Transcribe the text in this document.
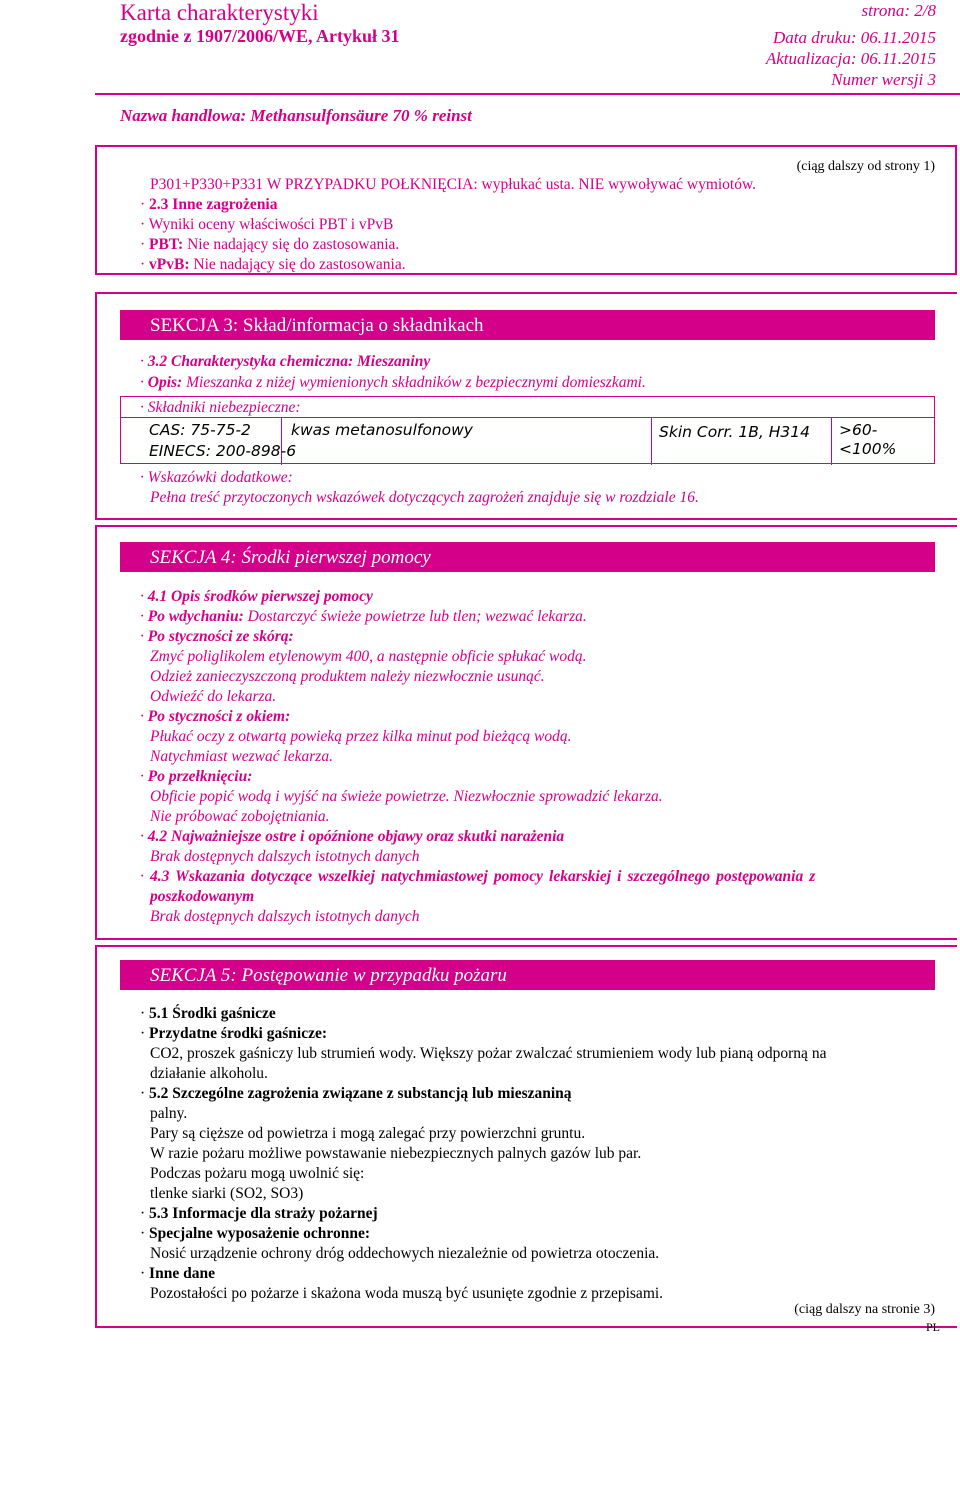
Karta charakterystyki
zgodnie z 1907/2006/WE, Artykuł 31
strona: 2/8
Data druku: 06.11.2015
Aktualizacja: 06.11.2015
Numer wersji 3
Nazwa handlowa: Methansulfonsäure 70 % reinst
(ciąg dalszy od strony 1)
P301+P330+P331 W PRZYPADKU POŁKNIĘCIA: wypłukać usta. NIE wywoływać wymiotów.
· 2.3 Inne zagrożenia
· Wyniki oceny właściwości PBT i vPvB
· PBT: Nie nadający się do zastosowania.
· vPvB: Nie nadający się do zastosowania.
SEKCJA 3: Skład/informacja o składnikach
· 3.2 Charakterystyka chemiczna: Mieszaniny
· Opis: Mieszanka z niżej wymienionych składników z bezpiecznymi domieszkami.
· Składniki niebezpieczne:
CAS: 75-75-2
EINECS: 200-898-6
kwas metanosulfonowy	Skin Corr. 1B, H314 >60-<100%
· Wskazówki dodatkowe:
Pełna treść przytoczonych wskazówek dotyczących zagrożeń znajduje się w rozdziale 16.
SEKCJA 4: Środki pierwszej pomocy
· 4.1 Opis środków pierwszej pomocy
· Po wdychaniu: Dostarczyć świeże powietrze lub tlen; wezwać lekarza.
· Po styczności ze skórą:
Zmyć poliglikolem etylenowym 400, a następnie obficie spłukać wodą.
Odzież zanieczyszczoną produktem należy niezwłocznie usunąć.
Odwieźć do lekarza.
· Po styczności z okiem:
Płukać oczy z otwartą powieką przez kilka minut pod bieżącą wodą.
Natychmiast wezwać lekarza.
· Po przełknięciu:
Obficie popić wodą i wyjść na świeże powietrze. Niezwłocznie sprowadzić lekarza.
Nie próbować zobojętniania.
· 4.2 Najważniejsze ostre i opóźnione objawy oraz skutki narażenia
Brak dostępnych dalszych istotnych danych
· 4.3 Wskazania dotyczące wszelkiej natychmiastowej pomocy lekarskiej i szczególnego postępowania z
poszkodowanym
Brak dostępnych dalszych istotnych danych
SEKCJA 5: Postępowanie w przypadku pożaru
· 5.1 Środki gaśnicze
· Przydatne środki gaśnicze:
CO2, proszek gaśniczy lub strumień wody. Większy pożar zwalczać strumieniem wody lub pianą odporną na
działanie alkoholu.
· 5.2 Szczególne zagrożenia związane z substancją lub mieszaniną
palny.
Pary są cięższe od powietrza i mogą zalegać przy powierzchni gruntu.
W razie pożaru możliwe powstawanie niebezpiecznych palnych gazów lub par.
Podczas pożaru mogą uwolnić się:
tlenke siarki (SO2, SO3)
· 5.3 Informacje dla straży pożarnej
· Specjalne wyposażenie ochronne:
Nosić urządzenie ochrony dróg oddechowych niezależnie od powietrza otoczenia.
· Inne dane
Pozostałości po pożarze i skażona woda muszą być usunięte zgodnie z przepisami.
(ciąg dalszy na stronie 3)
PL
